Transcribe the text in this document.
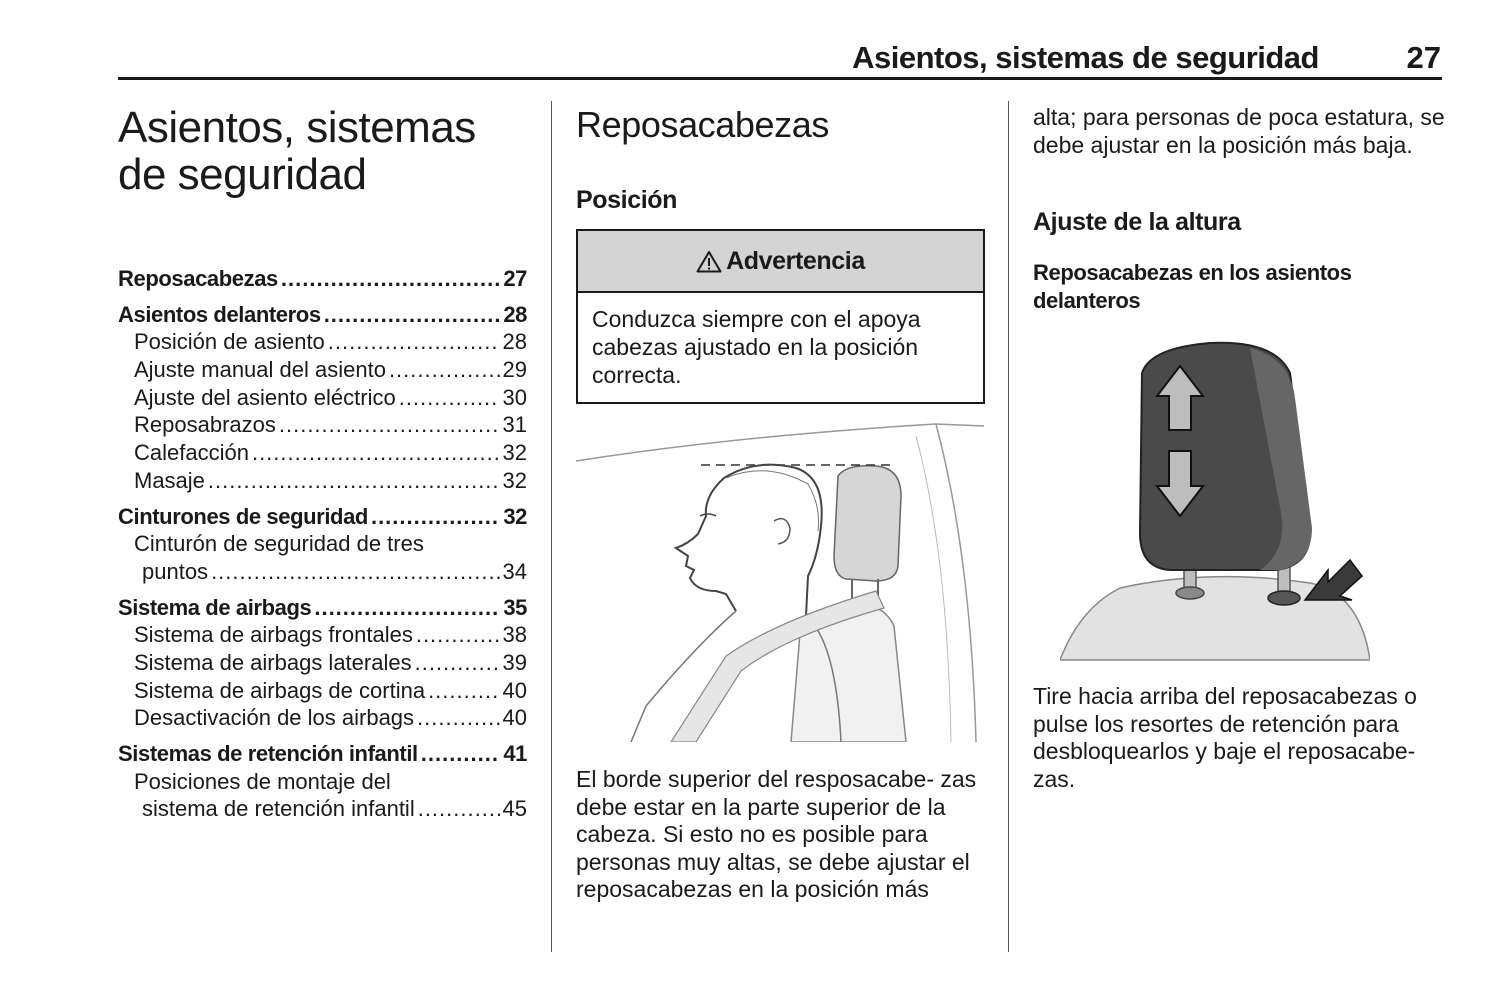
Asientos, sistemas de seguridad	27
Asientos, sistemas
de seguridad
Reposacabezas .....	27
Asientos delanteros .....	28
Posición de asiento .....	28
Ajuste manual del asiento .....	29
Ajuste del asiento eléctrico .....	30
Reposabrazos .....	31
Calefacción .....	32
Masaje .....	32
Cinturones de seguridad .....	32
Cinturón de seguridad de tres
puntos .....	34
Sistema de airbags .....	35
Sistema de airbags frontales .....	38
Sistema de airbags laterales .....	39
Sistema de airbags de cortina .....	40
Desactivación de los airbags .....	40
Sistemas de retención infantil .....	41
Posiciones de montaje del
sistema de retención infantil .....	45
Reposacabezas
Posición
Advertencia
Conduzca siempre con el apoya cabezas ajustado en la posición correcta.

El borde superior del resposacabe- zas debe estar en la parte superior de la cabeza. Si esto no es posible para personas muy altas, se debe ajustar el reposacabezas en la posición más

alta; para personas de poca estatura, se debe ajustar en la posición más baja.

Ajuste de la altura
Reposacabezas en los asientos delanteros

Tire hacia arriba del reposacabezas o pulse los resortes de retención para desbloquearlos y baje el reposacabe- zas.
